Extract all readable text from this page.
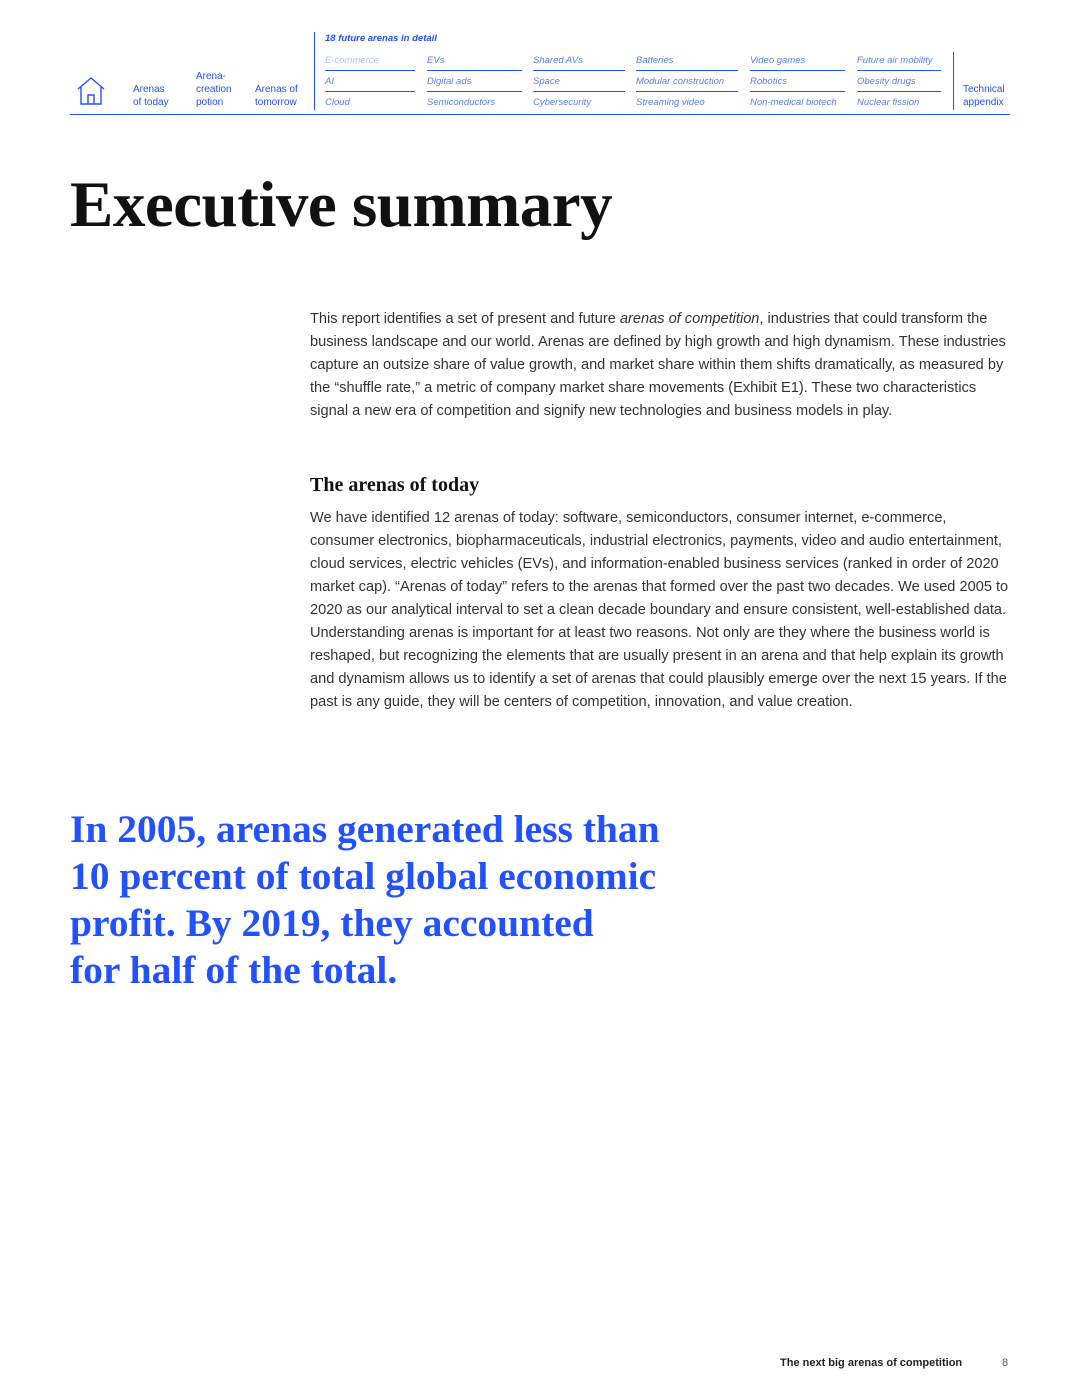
Arenas
of today
Arena-
creation
potion
Arenas of
tomorrow
18 future arenas in detail
E-commerce
AI
Cloud
EVs
Digital ads
Semiconductors
Shared AVs
Space
Cybersecurity
Batteries
Modular construction
Streaming video
Video games
Robotics
Non-medical biotech
Future air mobility
Obesity drugs
Nuclear fission
Technical
appendix
Executive summary

This report identifies a set of present and future arenas of competition, industries that could transform the business landscape and our world. Arenas are defined by high growth and high dynamism. These industries capture an outsize share of value growth, and market share within them shifts dramatically, as measured by the “shuffle rate,” a metric of company market share movements (Exhibit E1). These two characteristics signal a new era of competition and signify new technologies and business models in play.

The arenas of today

We have identified 12 arenas of today: software, semiconductors, consumer internet, e-commerce, consumer electronics, biopharmaceuticals, industrial electronics, payments, video and audio entertainment, cloud services, electric vehicles (EVs), and information-enabled business services (ranked in order of 2020 market cap). “Arenas of today” refers to the arenas that formed over the past two decades. We used 2005 to 2020 as our analytical interval to set a clean decade boundary and ensure consistent, well-established data. Understanding arenas is important for at least two reasons. Not only are they where the business world is reshaped, but recognizing the elements that are usually present in an arena and that help explain its growth and dynamism allows us to identify a set of arenas that could plausibly emerge over the next 15 years. If the past is any guide, they will be centers of competition, innovation, and value creation.

In 2005, arenas generated less than
10 percent of total global economic
profit. By 2019, they accounted
for half of the total.
The next big arenas of competition	8
